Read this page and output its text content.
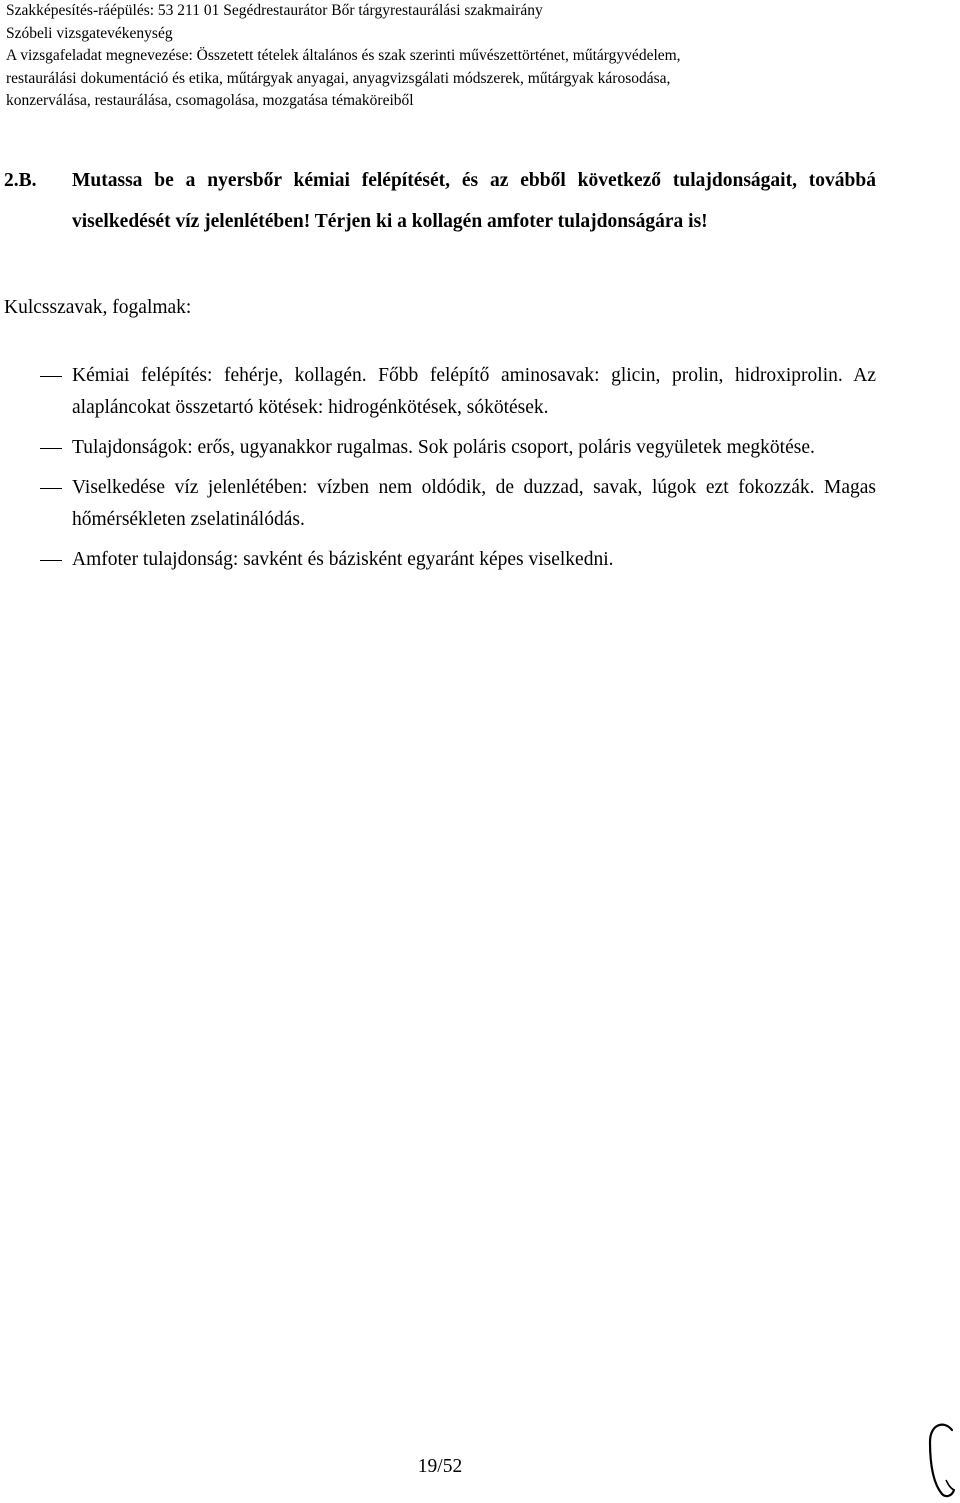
Szakképesítés-ráépülés: 53 211 01 Segédrestaurátor Bőr tárgyrestaurálási szakmairány
Szóbeli vizsgatevékenység
A vizsgafeladat megnevezése: Összetett tételek általános és szak szerinti művészettörténet, műtárgyvédelem,
restaurálási dokumentáció és etika, műtárgyak anyagai, anyagvizsgálati módszerek, műtárgyak károsodása,
konzerválása, restaurálása, csomagolása, mozgatása témaköreiből
2.B. Mutassa be a nyersbőr kémiai felépítését, és az ebből következő tulajdonságait, továbbá viselkedését víz jelenlétében! Térjen ki a kollagén amfoter tulajdonságára is!
Kulcsszavak, fogalmak:
Kémiai felépítés: fehérje, kollagén. Főbb felépítő aminosavak: glicin, prolin, hidroxiprolin. Az alapláncokat összetartó kötések: hidrogénkötések, sókötések.
Tulajdonságok: erős, ugyanakkor rugalmas. Sok poláris csoport, poláris vegyületek megkötése.
Viselkedése víz jelenlétében: vízben nem oldódik, de duzzad, savak, lúgok ezt fokozzák. Magas hőmérsékleten zselatinálódás.
Amfoter tulajdonság: savként és bázisként egyaránt képes viselkedni.
19/52
